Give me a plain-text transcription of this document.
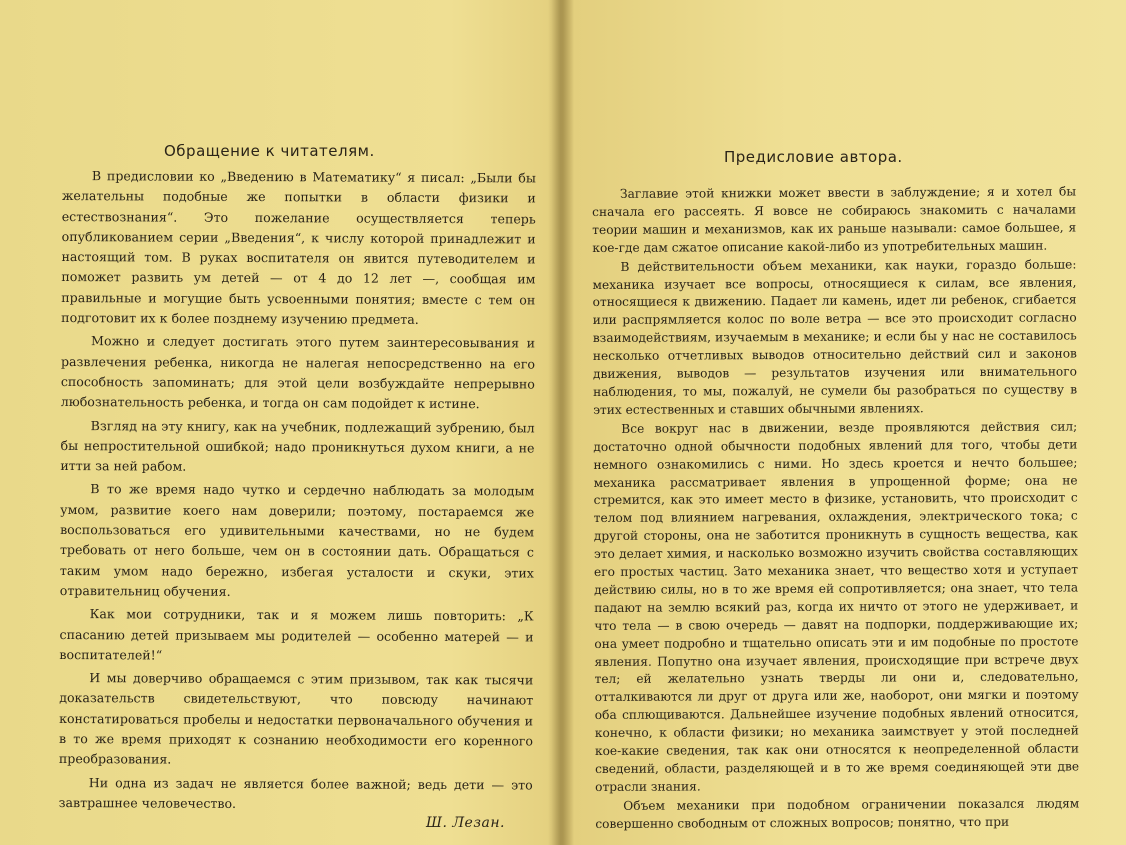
Обращение к читателям.

В предисловии ко „Введению в Математику“ я писал: „Были бы желательны подобные же попытки в области физики и естествознания“. Это пожелание осуществляется теперь опубликованием серии „Введения“, к числу которой принадлежит и настоящий том. В руках воспитателя он явится путеводителем и поможет развить ум детей — от 4 до 12 лет —, сообщая им правильные и могущие быть усвоенными понятия; вместе с тем он подготовит их к более позднему изучению предмета.

Можно и следует достигать этого путем заинтересовывания и развлечения ребенка, никогда не налегая непосредственно на его способность запоминать; для этой цели возбуждайте непрерывно любознательность ребенка, и тогда он сам подойдет к истине.

Взгляд на эту книгу, как на учебник, подлежащий зубрению, был бы непростительной ошибкой; надо проникнуться духом книги, а не итти за ней рабом.

В то же время надо чутко и сердечно наблюдать за молодым умом, развитие коего нам доверили; поэтому, постараемся же воспользоваться его удивительными качествами, но не будем требовать от него больше, чем он в состоянии дать. Обращаться с таким умом надо бережно, избегая усталости и скуки, этих отравительниц обучения.

Как мои сотрудники, так и я можем лишь повторить: „К спасанию детей призываем мы родителей — особенно матерей — и воспитателей!“

И мы доверчиво обращаемся с этим призывом, так как тысячи доказательств свидетельствуют, что повсюду начинают констатироваться пробелы и недостатки первоначального обучения и в то же время приходят к сознанию необходимости его коренного преобразования.

Ни одна из задач не является более важной; ведь дети — это завтрашнее человечество.

Ш. Лезан.

Предисловие автора.

Заглавие этой книжки может ввести в заблуждение; я и хотел бы сначала его рассеять. Я вовсе не собираюсь знакомить с началами теории машин и механизмов, как их раньше называли: самое большее, я кое-где дам сжатое описание какой-либо из употребительных машин.

В действительности объем механики, как науки, гораздо больше: механика изучает все вопросы, относящиеся к силам, все явления, относящиеся к движению. Падает ли камень, идет ли ребенок, сгибается или распрямляется колос по воле ветра — все это происходит согласно взаимодействиям, изучаемым в механике; и если бы у нас не составилось несколько отчетливых выводов относительно действий сил и законов движения, выводов — результатов изучения или внимательного наблюдения, то мы, пожалуй, не сумели бы разобраться по существу в этих естественных и ставших обычными явлениях.

Все вокруг нас в движении, везде проявляются действия сил; достаточно одной обычности подобных явлений для того, чтобы дети немного ознакомились с ними. Но здесь кроется и нечто большее; механика рассматривает явления в упрощенной форме; она не стремится, как это имеет место в физике, установить, что происходит с телом под влиянием нагревания, охлаждения, электрического тока; с другой стороны, она не заботится проникнуть в сущность вещества, как это делает химия, и насколько возможно изучить свойства составляющих его простых частиц. Зато механика знает, что вещество хотя и уступает действию силы, но в то же время ей сопротивляется; она знает, что тела падают на землю всякий раз, когда их ничто от этого не удерживает, и что тела — в свою очередь — давят на подпорки, поддерживающие их; она умеет подробно и тщательно описать эти и им подобные по простоте явления. Попутно она изучает явления, происходящие при встрече двух тел; ей желательно узнать тверды ли они и, следовательно, отталкиваются ли друг от друга или же, наоборот, они мягки и поэтому оба сплющиваются. Дальнейшее изучение подобных явлений относится, конечно, к области физики; но механика заимствует у этой последней кое-какие сведения, так как они относятся к неопределенной области сведений, области, разделяющей и в то же время соединяющей эти две отрасли знания.

Объем механики при подобном ограничении показался людям совершенно свободным от сложных вопросов; понятно, что при
